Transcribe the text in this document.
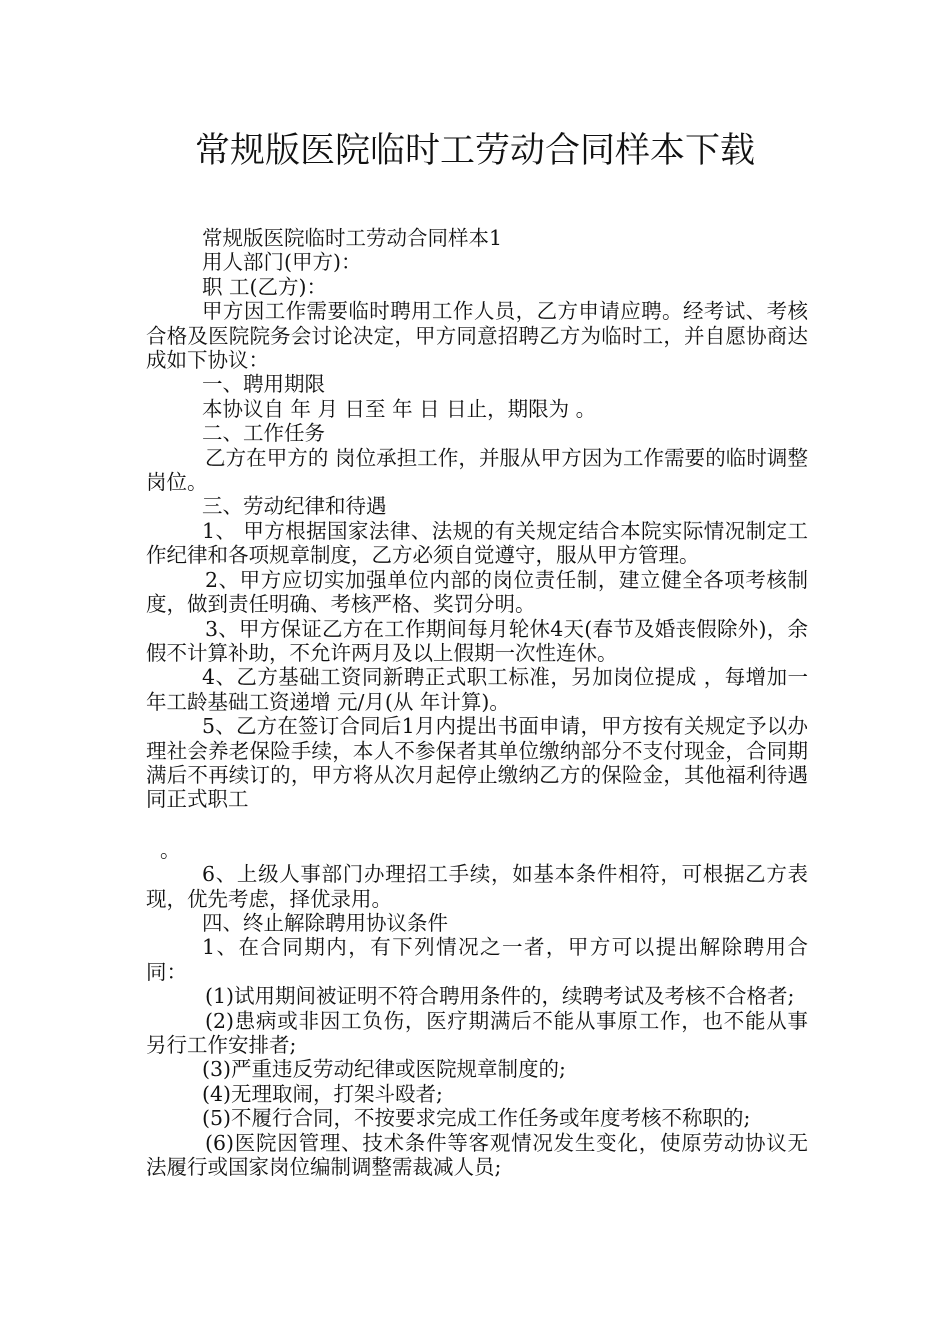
常规版医院临时工劳动合同样本下载

常规版医院临时工劳动合同样本1

用人部门(甲方)：

职 工(乙方)：

甲方因工作需要临时聘用工作人员，乙方申请应聘。经考试、考核合格及医院院务会讨论决定，甲方同意招聘乙方为临时工，并自愿协商达成如下协议：

一、聘用期限

本协议自 年 月 日至 年 日 日止，期限为 。

二、工作任务

乙方在甲方的 岗位承担工作，并服从甲方因为工作需要的临时调整岗位。

三、劳动纪律和待遇

1、 甲方根据国家法律、法规的有关规定结合本院实际情况制定工作纪律和各项规章制度，乙方必须自觉遵守，服从甲方管理。

2、甲方应切实加强单位内部的岗位责任制，建立健全各项考核制度，做到责任明确、考核严格、奖罚分明。

3、甲方保证乙方在工作期间每月轮休4天(春节及婚丧假除外)，余假不计算补助，不允许两月及以上假期一次性连休。

4、乙方基础工资同新聘正式职工标准，另加岗位提成 ，每增加一年工龄基础工资递增 元/月(从 年计算)。

5、乙方在签订合同后1月内提出书面申请，甲方按有关规定予以办理社会养老保险手续，本人不参保者其单位缴纳部分不支付现金，合同期满后不再续订的，甲方将从次月起停止缴纳乙方的保险金，其他福利待遇同正式职工

。

6、上级人事部门办理招工手续，如基本条件相符，可根据乙方表现，优先考虑，择优录用。

四、终止解除聘用协议条件

1、在合同期内，有下列情况之一者，甲方可以提出解除聘用合同：

(1)试用期间被证明不符合聘用条件的，续聘考试及考核不合格者;

(2)患病或非因工负伤，医疗期满后不能从事原工作，也不能从事另行工作安排者;

(3)严重违反劳动纪律或医院规章制度的;

(4)无理取闹，打架斗殴者;

(5)不履行合同，不按要求完成工作任务或年度考核不称职的;

(6)医院因管理、技术条件等客观情况发生变化，使原劳动协议无法履行或国家岗位编制调整需裁减人员;
